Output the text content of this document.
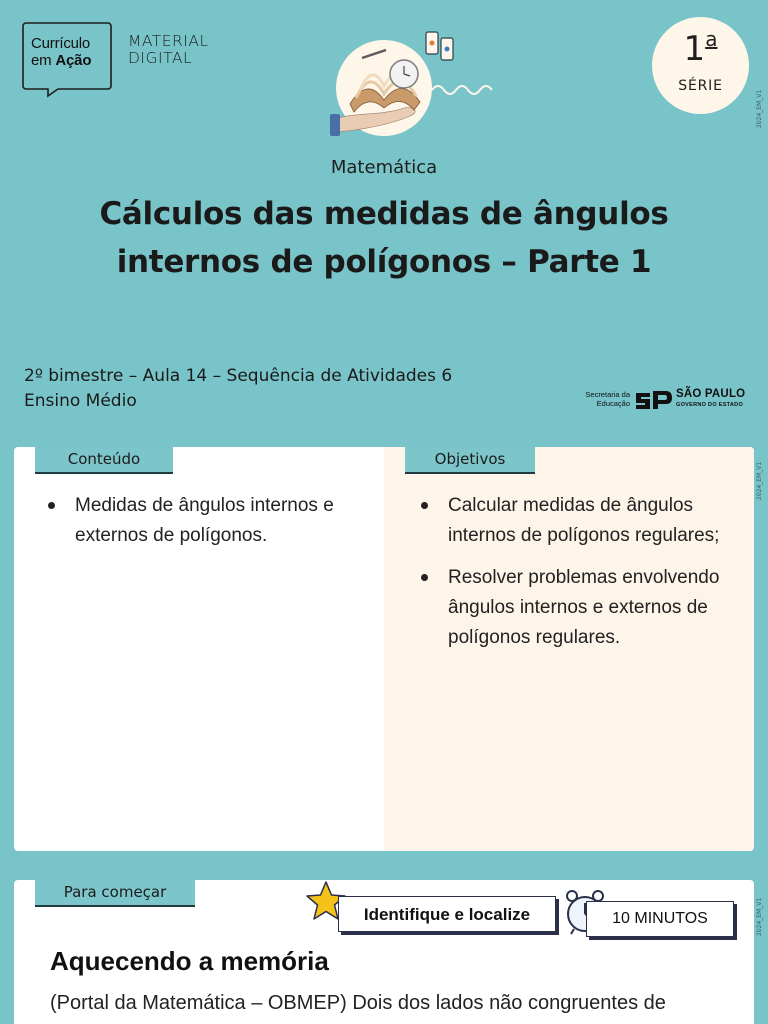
Currículo
em Ação
MATERIAL
DIGITAL	1$^a$
SÉRIE
2024_EM_V1
2024_EM_V1
2024_EM_V1
Matemática
Cálculos das medidas de ângulos
internos de polígonos – Parte 1
2º bimestre – Aula 14 – Sequência de Atividades 6
Ensino Médio	Secretaria da
Educação
SÃO PAULO
GOVERNO DO ESTADO
Conteúdo	Objetivos
Medidas de ângulos internos e externos de polígonos.
Calcular medidas de ângulos internos de polígonos regulares;
Resolver problemas envolvendo ângulos internos e externos de polígonos regulares.
Para começar
Identifique e localize	10 MINUTOS
Aquecendo a memória
(Portal da Matemática – OBMEP) Dois dos lados não congruentes de
